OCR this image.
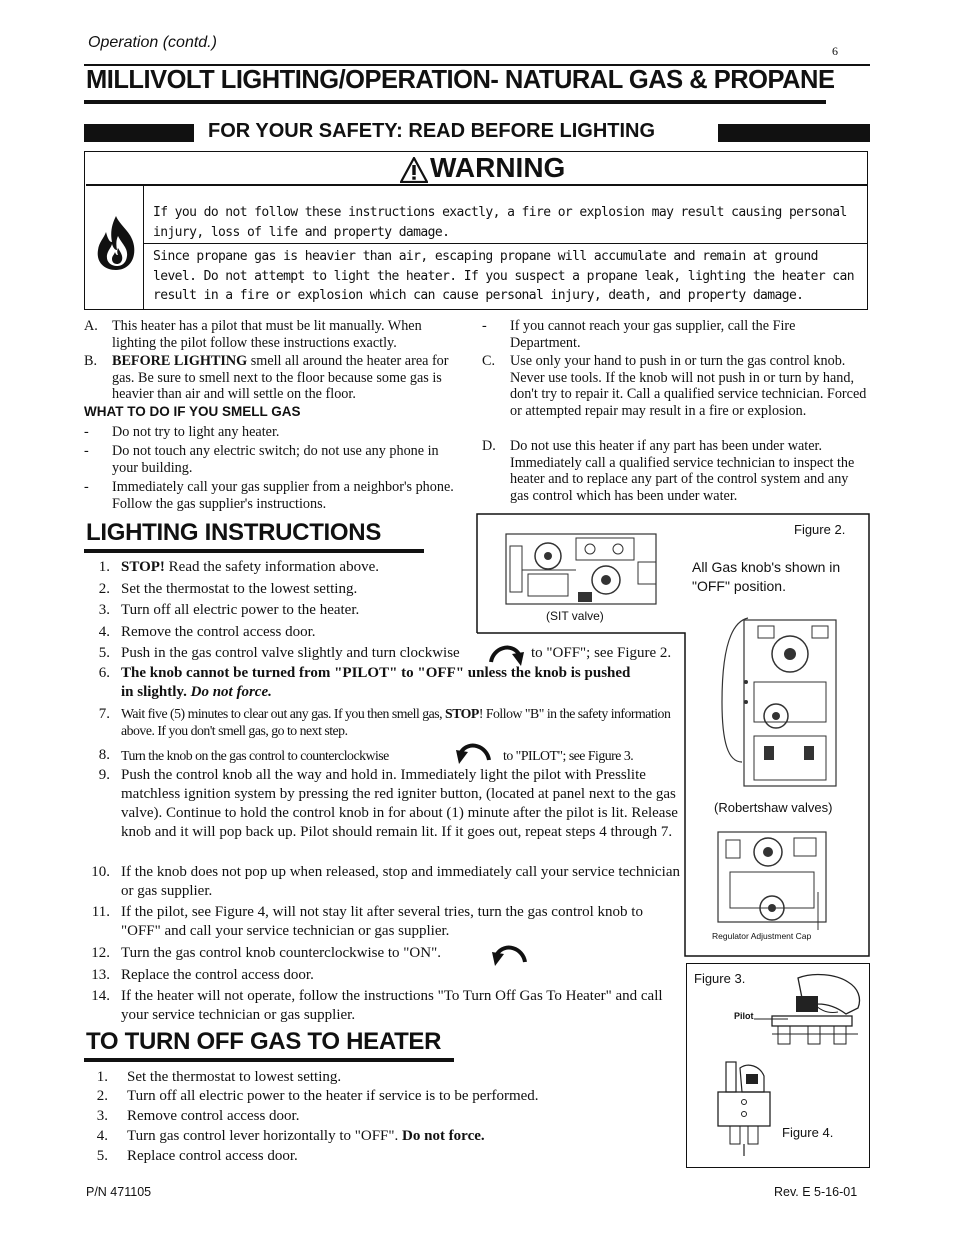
Operation (contd.)	6
MILLIVOLT LIGHTING/OPERATION- NATURAL GAS & PROPANE
FOR YOUR SAFETY: READ BEFORE LIGHTING
WARNING
If you do not follow these instructions exactly, a fire or explosion may result causing personal injury, loss of life and property damage.
Since propane gas is heavier than air, escaping propane will accumulate and remain at ground level. Do not attempt to light the heater. If you suspect a propane leak, lighting the heater can result in a fire or explosion which can cause personal injury, death, and property damage.
A. This heater has a pilot that must be lit manually. When lighting the pilot follow these instructions exactly.
B. BEFORE LIGHTING smell all around the heater area for gas. Be sure to smell next to the floor because some gas is heavier than air and will settle on the floor.
WHAT TO DO IF YOU SMELL GAS
- Do not try to light any heater.
- Do not touch any electric switch; do not use any phone in your building.
- Immediately call your gas supplier from a neighbor's phone. Follow the gas supplier's instructions.
- If you cannot reach your gas supplier, call the Fire Department.
C. Use only your hand to push in or turn the gas control knob. Never use tools. If the knob will not push in or turn by hand, don't try to repair it. Call a qualified service technician. Forced or attempted repair may result in a fire or explosion.
D. Do not use this heater if any part has been under water. Immediately call a qualified service technician to inspect the heater and to replace any part of the control system and any gas control which has been under water.
LIGHTING INSTRUCTIONS
1. STOP! Read the safety information above.
2. Set the thermostat to the lowest setting.
3. Turn off all electric power to the heater.
4. Remove the control access door.
5. Push in the gas control valve slightly and turn clockwise	to "OFF"; see Figure 2.
6. The knob cannot be turned from "PILOT" to "OFF" unless the knob is pushed in slightly. Do not force.
7. Wait five (5) minutes to clear out any gas. If you then smell gas, STOP! Follow "B" in the safety information above. If you don't smell gas, go to next step.
8. Turn the knob on the gas control to counterclockwise	to "PILOT"; see Figure 3.
9. Push the control knob all the way and hold in. Immediately light the pilot with Presslite matchless ignition system by pressing the red igniter button, (located at panel next to the gas valve). Continue to hold the control knob in for about (1) minute after the pilot is lit. Release knob and it will pop back up. Pilot should remain lit. If it goes out, repeat steps 4 through 7.
10. If the knob does not pop up when released, stop and immediately call your service technician or gas supplier.
11. If the pilot, see Figure 4, will not stay lit after several tries, turn the gas control knob to "OFF" and call your service technician or gas supplier.
12. Turn the gas control knob counterclockwise to "ON".
13. Replace the control access door.
14. If the heater will not operate, follow the instructions "To Turn Off Gas To Heater" and call your service technician or gas supplier.
TO TURN OFF GAS TO HEATER
1. Set the thermostat to lowest setting.
2. Turn off all electric power to the heater if service is to be performed.
3. Remove control access door.
4. Turn gas control lever horizontally to "OFF". Do not force.
5. Replace control access door.
Figure 2.
All Gas knob's shown in "OFF" position.
(SIT valve)
(Robertshaw valves)
Regulator Adjustment Cap
Figure 3.
Pilot
Figure 4.
P/N 471105	Rev. E 5-16-01
